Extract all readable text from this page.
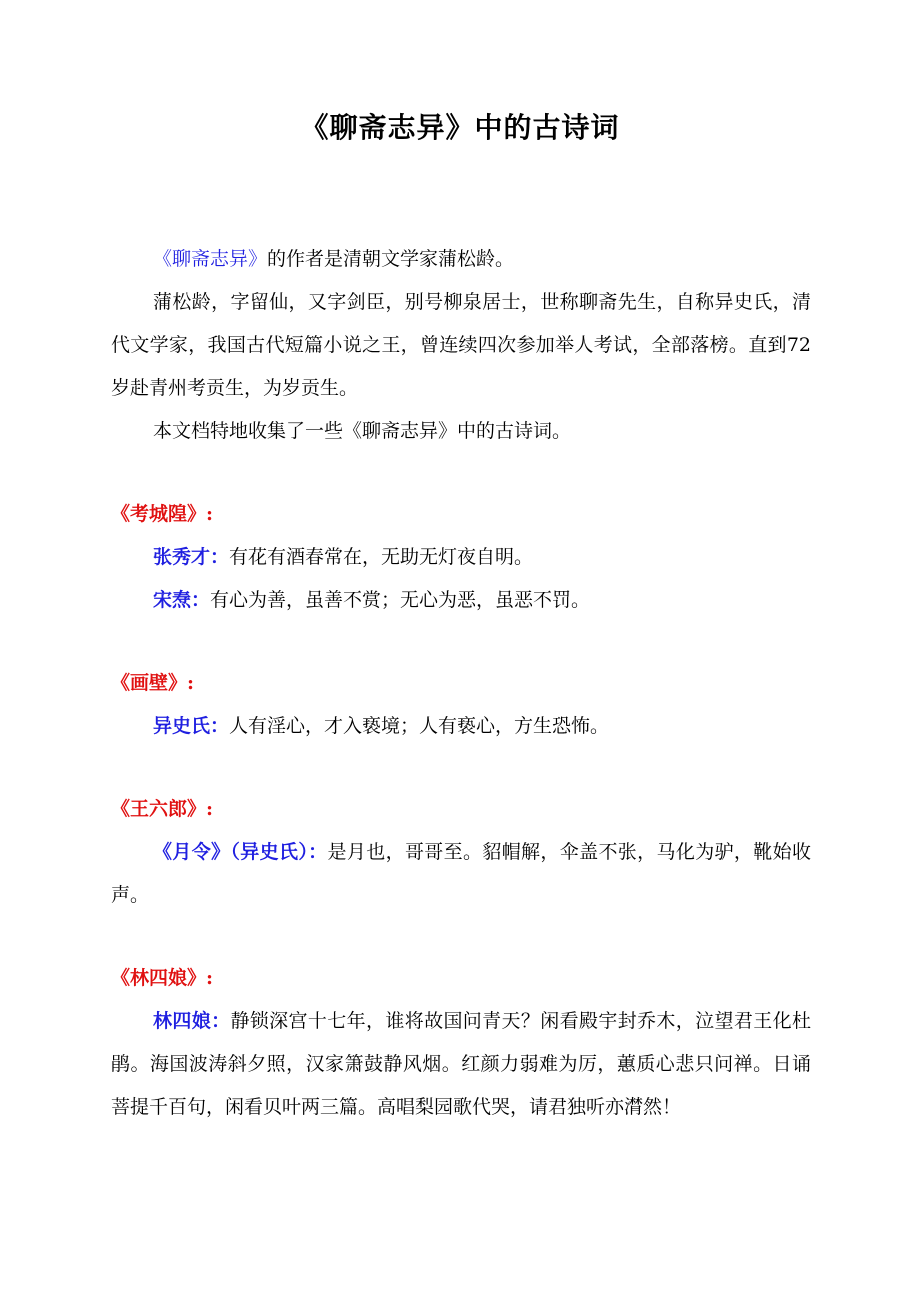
《聊斋志异》中的古诗词

《聊斋志异》的作者是清朝文学家蒲松龄。

蒲松龄，字留仙，又字剑臣，别号柳泉居士，世称聊斋先生，自称异史氏，清代文学家，我国古代短篇小说之王，曾连续四次参加举人考试，全部落榜。直到72岁赴青州考贡生，为岁贡生。

本文档特地收集了一些《聊斋志异》中的古诗词。

《考城隍》:

张秀才：有花有酒春常在，无助无灯夜自明。

宋焘：有心为善，虽善不赏；无心为恶，虽恶不罚。

《画壁》:

异史氏：人有淫心，才入亵境；人有亵心，方生恐怖。

《王六郎》:

《月令》（异史氏）：是月也，哥哥至。貂帽解，伞盖不张，马化为驴，靴始收声。

《林四娘》:

林四娘：静锁深宫十七年，谁将故国问青天？闲看殿宇封乔木，泣望君王化杜鹃。海国波涛斜夕照，汉家箫鼓静风烟。红颜力弱难为厉，蕙质心悲只问禅。日诵菩提千百句，闲看贝叶两三篇。高唱梨园歌代哭，请君独听亦潸然！
